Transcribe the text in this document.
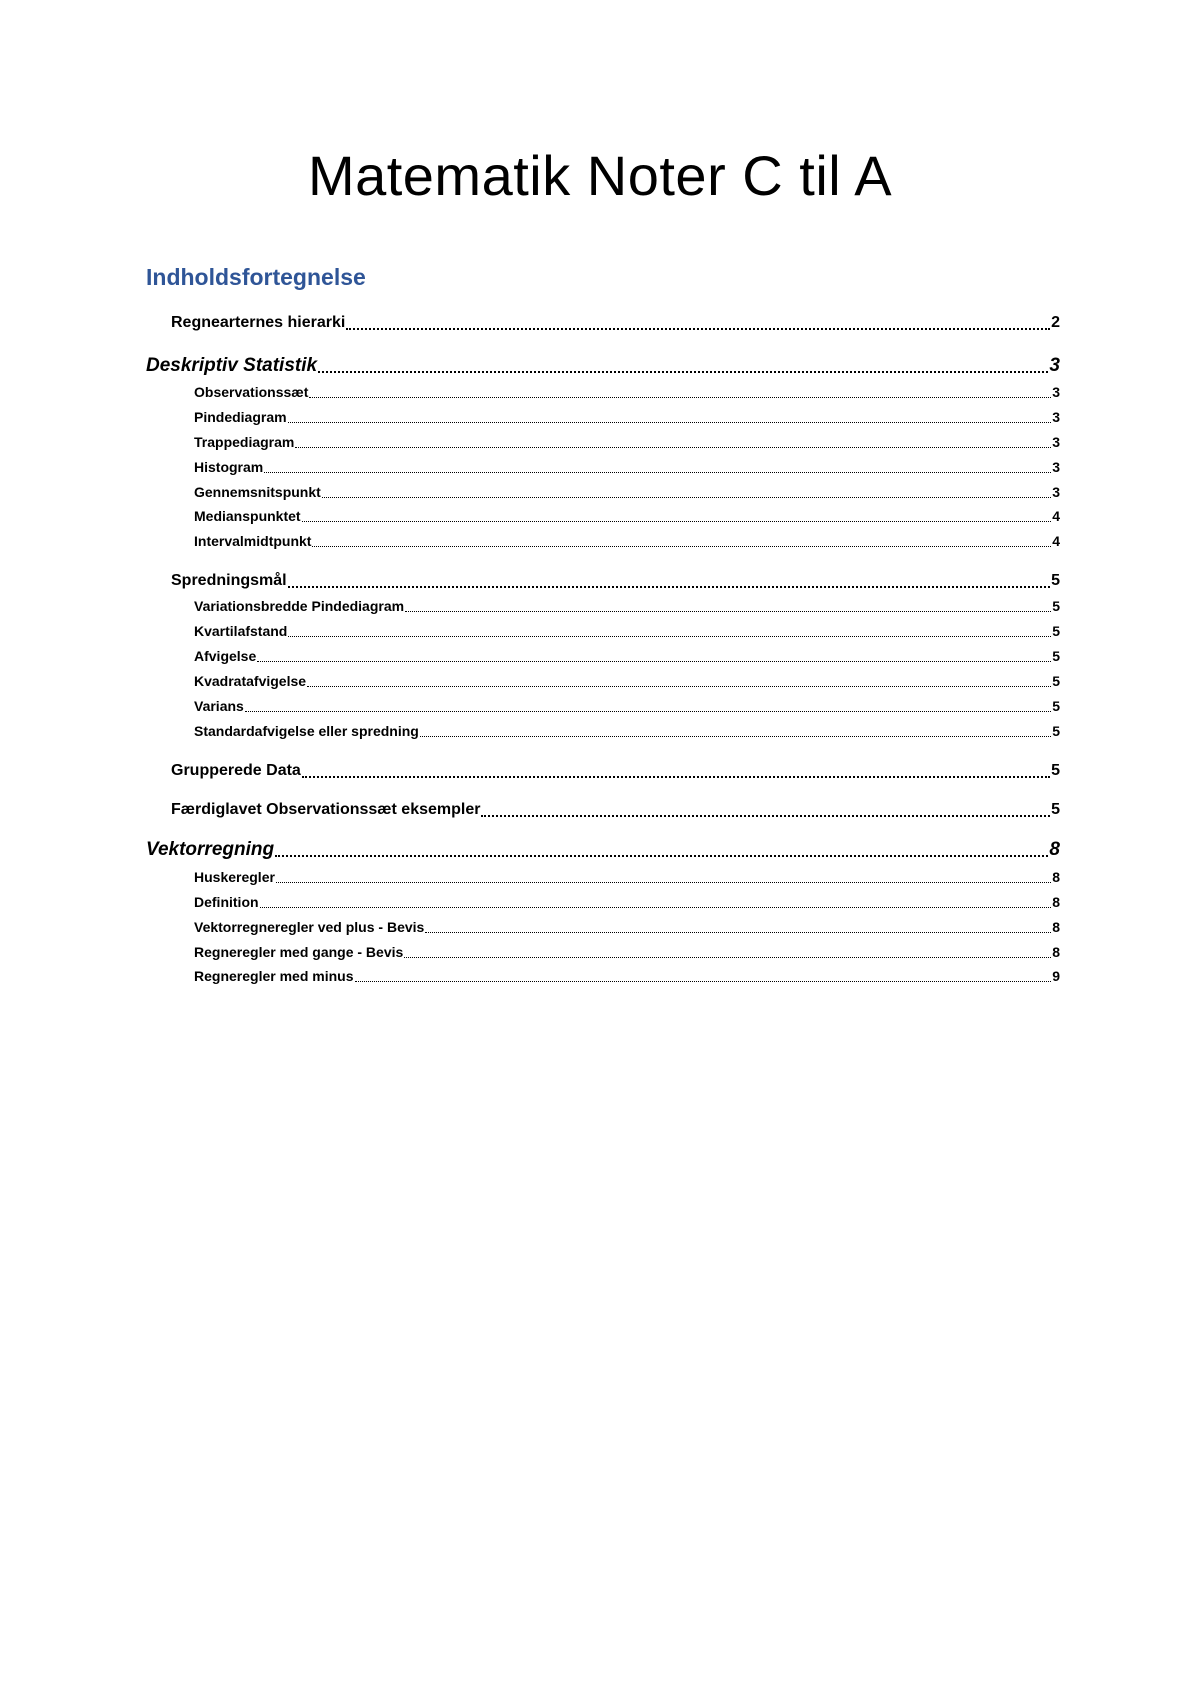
Matematik Noter C til A
Indholdsfortegnelse
Regnearternes hierarki	2
Deskriptiv Statistik	3
Observationssæt	3
Pindediagram	3
Trappediagram	3
Histogram	3
Gennemsnitspunkt	3
Medianspunktet	4
Intervalmidtpunkt	4
Spredningsmål	5
Variationsbredde Pindediagram	5
Kvartilafstand	5
Afvigelse	5
Kvadratafvigelse	5
Varians	5
Standardafvigelse eller spredning	5
Grupperede Data	5
Færdiglavet Observationssæt eksempler	5
Vektorregning	8
Huskeregler	8
Definition	8
Vektorregneregler ved plus - Bevis	8
Regneregler med gange - Bevis	8
Regneregler med minus	9
